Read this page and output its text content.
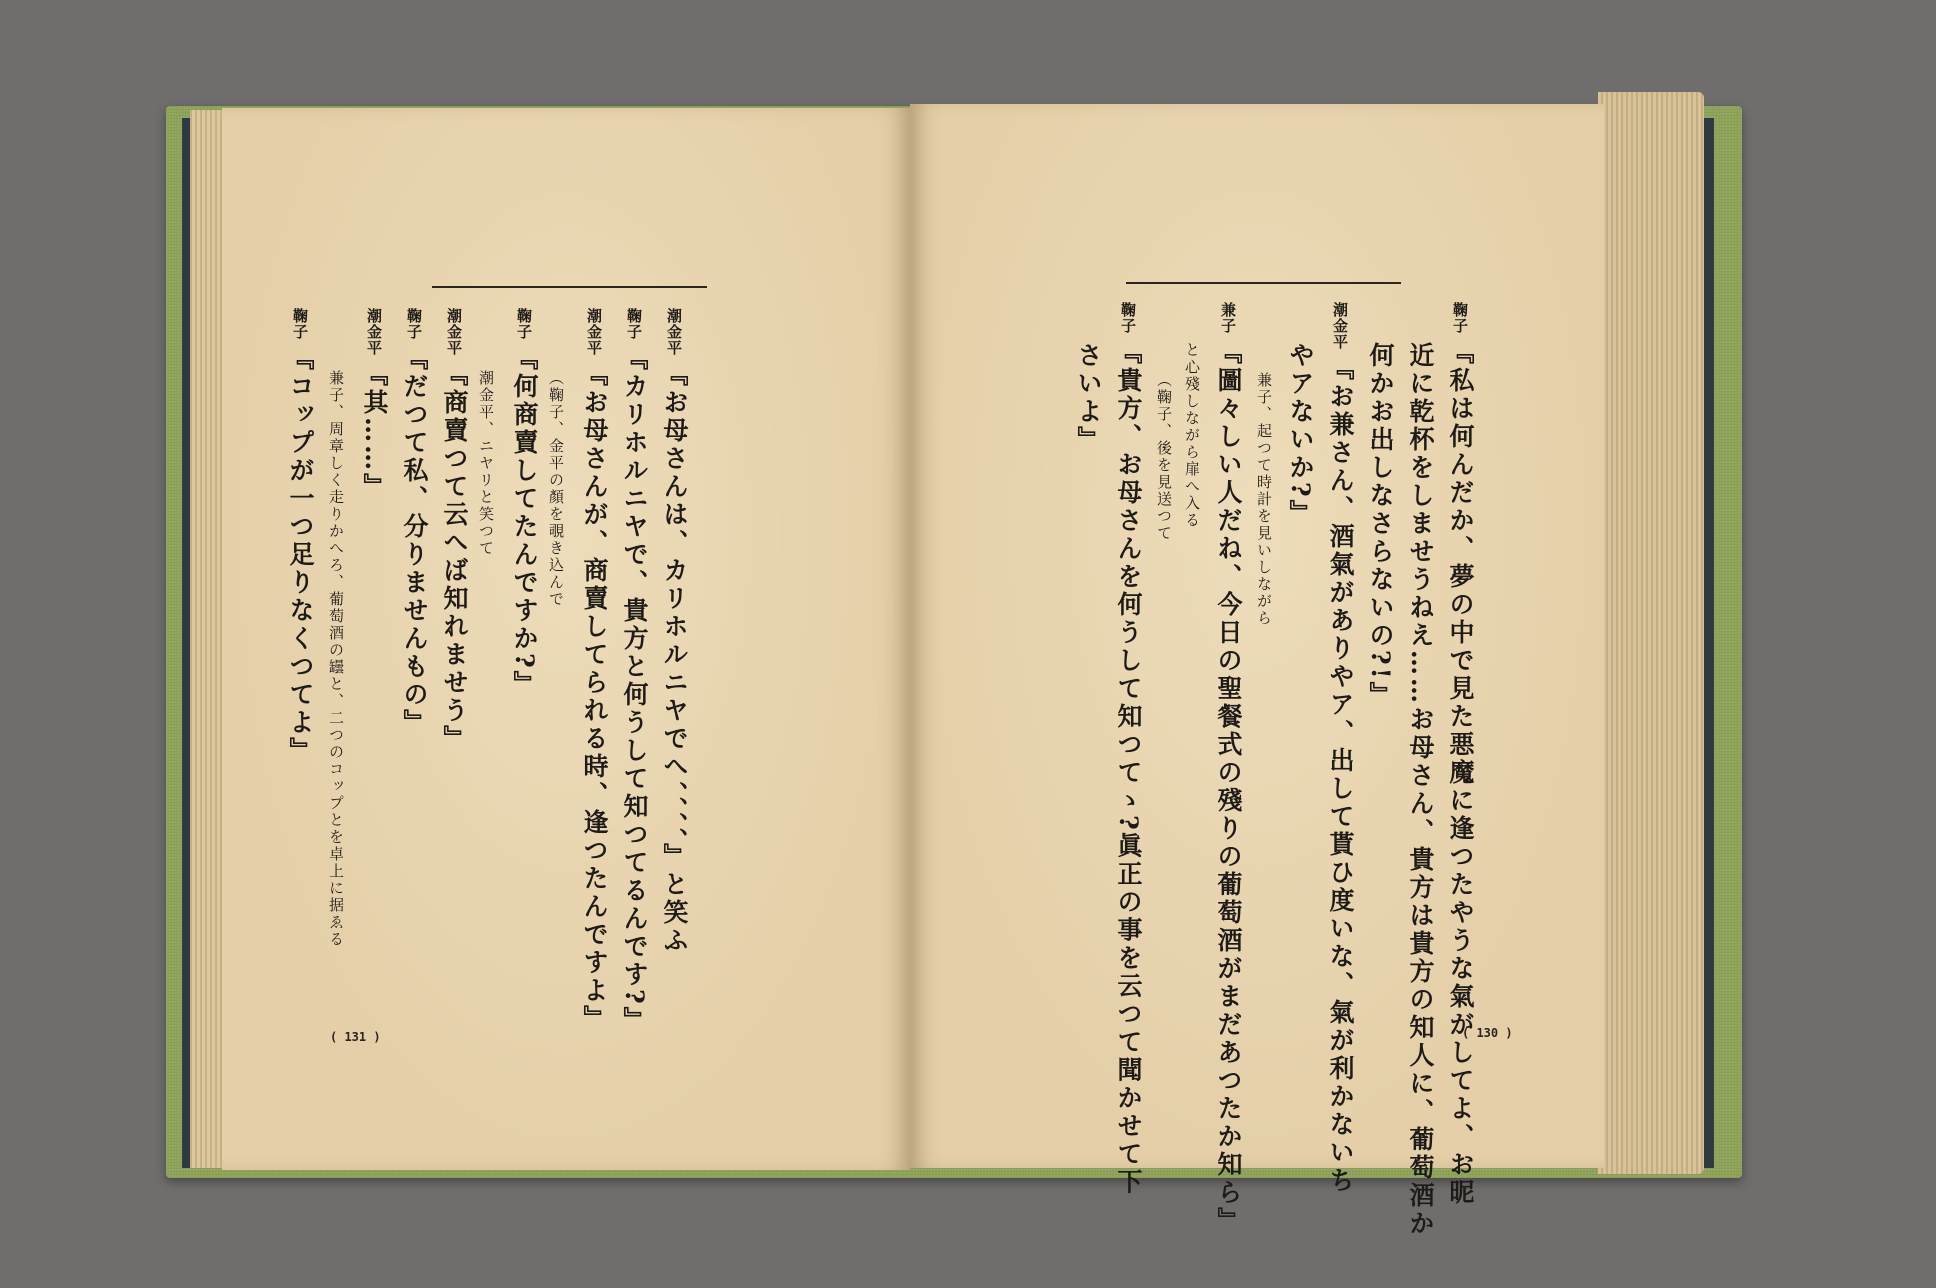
潮金平 『お母さんは、カリホルニヤでへ、、、、』と笑ふ
鞠子 『カリホルニヤで、貴方と何うして知つてるんです?』
潮金平 『お母さんが、商賣してられる時、逢つたんですよ』
（鞠子、金平の顏を覗き込んで
鞠子 『何商賣してたんですか?』
潮金平、ニヤリと笑つて
潮金平 『商賣つて云へば知れませう』
鞠子 『だつて私、分りませんもの』
潮金平 『其……』
兼子、周章しく走りかへろ、葡萄酒の罎と、二つのコップとを卓上に据ゑる
鞠子 『コップが一つ足りなくつてよ』
( 131 )
鞠子 『私は何んだか、夢の中で見た悪魔に逢つたやうな氣がしてよ、お昵
近に乾杯をしませうねえ……お母さん、貴方は貴方の知人に、葡萄酒か
何かお出しなさらないの?!』
潮金平 『お兼さん、酒氣がありやア、出して貰ひ度いな、氣が利かないち
やアないか?』
兼子、起つて時計を見いしながら
兼子 『圖々しい人だね、今日の聖餐式の殘りの葡萄酒がまだあつたか知ら』
と心殘しながら扉へ入る
（鞠子、後を見送つて
鞠子 『貴方、お母さんを何うして知つてゝ?眞正の事を云つて聞かせて下
さいよ』
( 130 )
